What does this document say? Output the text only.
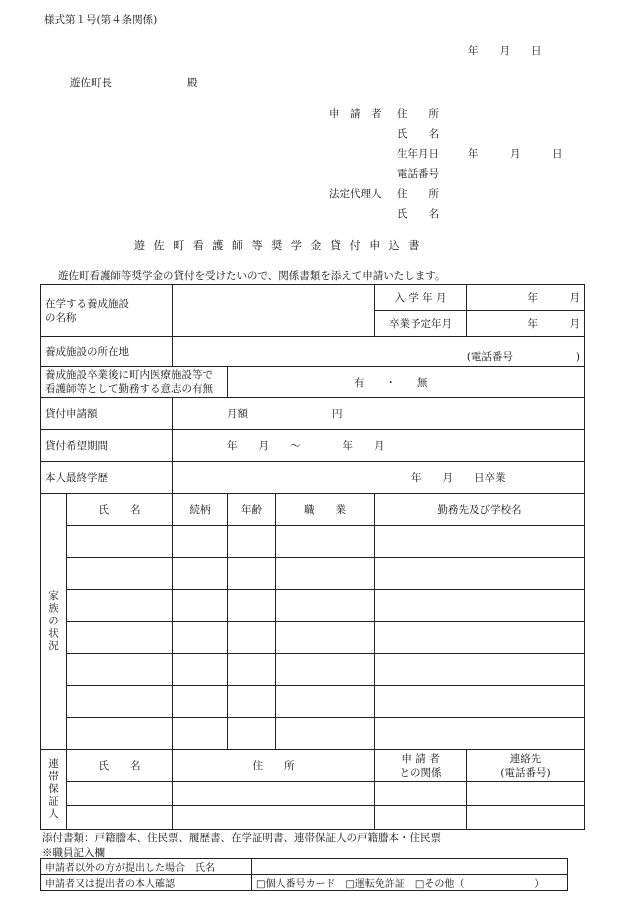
様式第１号(第４条関係)
年　　月　　日
遊佐町長	殿
申　請　者 住　　所
氏　　名
生年月日	年　　　月　　　日
電話番号
法定代理人 住　　所
氏　　名
遊佐町看護師等奨学金貸付申込書
遊佐町看護師等奨学金の貸付を受けたいので、関係書類を添えて申請いたします。
在学する養成施設
の名称					入 学 年 月	年　　　月
					卒業予定年月	年　　　月
養成施設の所在地		(電話番号　　　　　　)				
養成施設卒業後に町内医療施設等で
看護師等として勤務する意志の有無			有　　・　　無			
貸付申請額		月額　　　　　　　　円				
貸付希望期間		年　　月　　～　　　　年　　月				
本人最終学歴		年　　月　　日卒業				

家族の状況	氏　　名	続柄	年齢	職　　業	勤務先及び学校名	

連帯保証人	氏　　名	住　　所			申 請 者
との関係	連絡先
(電話番号)

添付書類：戸籍謄本、住民票、履歴書、在学証明書、連帯保証人の戸籍謄本・住民票
※職員記入欄
申請者以外の方が提出した場合　氏名	
申請者又は提出者の本人確認	□個人番号カード　□運転免許証　□その他（　　　　　　　）
